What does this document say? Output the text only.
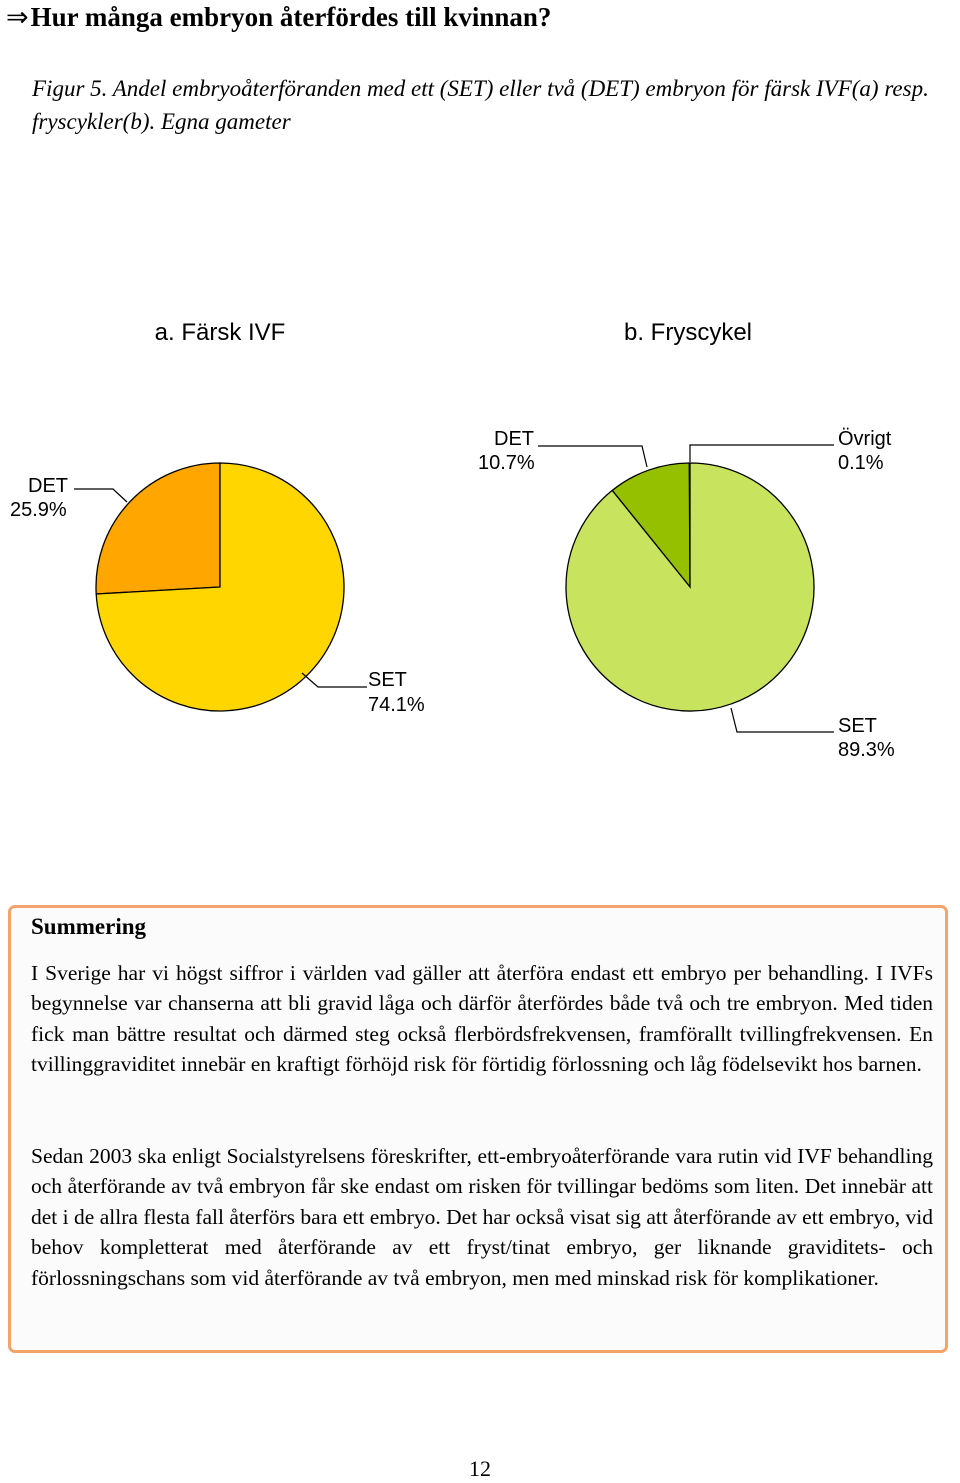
⇒Hur många embryon återfördes till kvinnan?

Figur 5. Andel embryoåterföranden med ett (SET) eller två (DET) embryon för färsk IVF(a) resp. fryscykler(b). Egna gameter

a. Färsk IVF
DET
25.9%
SET
74.1%
b. Fryscykel
DET
10.7%
Övrigt
0.1%
SET
89.3%
Summering

I Sverige har vi högst siffror i världen vad gäller att återföra endast ett embryo per behandling. I IVFs begynnelse var chanserna att bli gravid låga och därför återfördes både två och tre embryon. Med tiden fick man bättre resultat och därmed steg också flerbördsfrekvensen, framförallt tvillingfrekvensen. En tvillinggraviditet innebär en kraftigt förhöjd risk för förtidig förlossning och låg födelsevikt hos barnen.

Sedan 2003 ska enligt Socialstyrelsens föreskrifter, ett-embryoåterförande vara rutin vid IVF behandling och återförande av två embryon får ske endast om risken för tvillingar bedöms som liten. Det innebär att det i de allra flesta fall återförs bara ett embryo. Det har också visat sig att återförande av ett embryo, vid behov kompletterat med återförande av ett fryst/tinat embryo, ger liknande graviditets- och förlossningschans som vid återförande av två embryon, men med minskad risk för komplikationer.

12
